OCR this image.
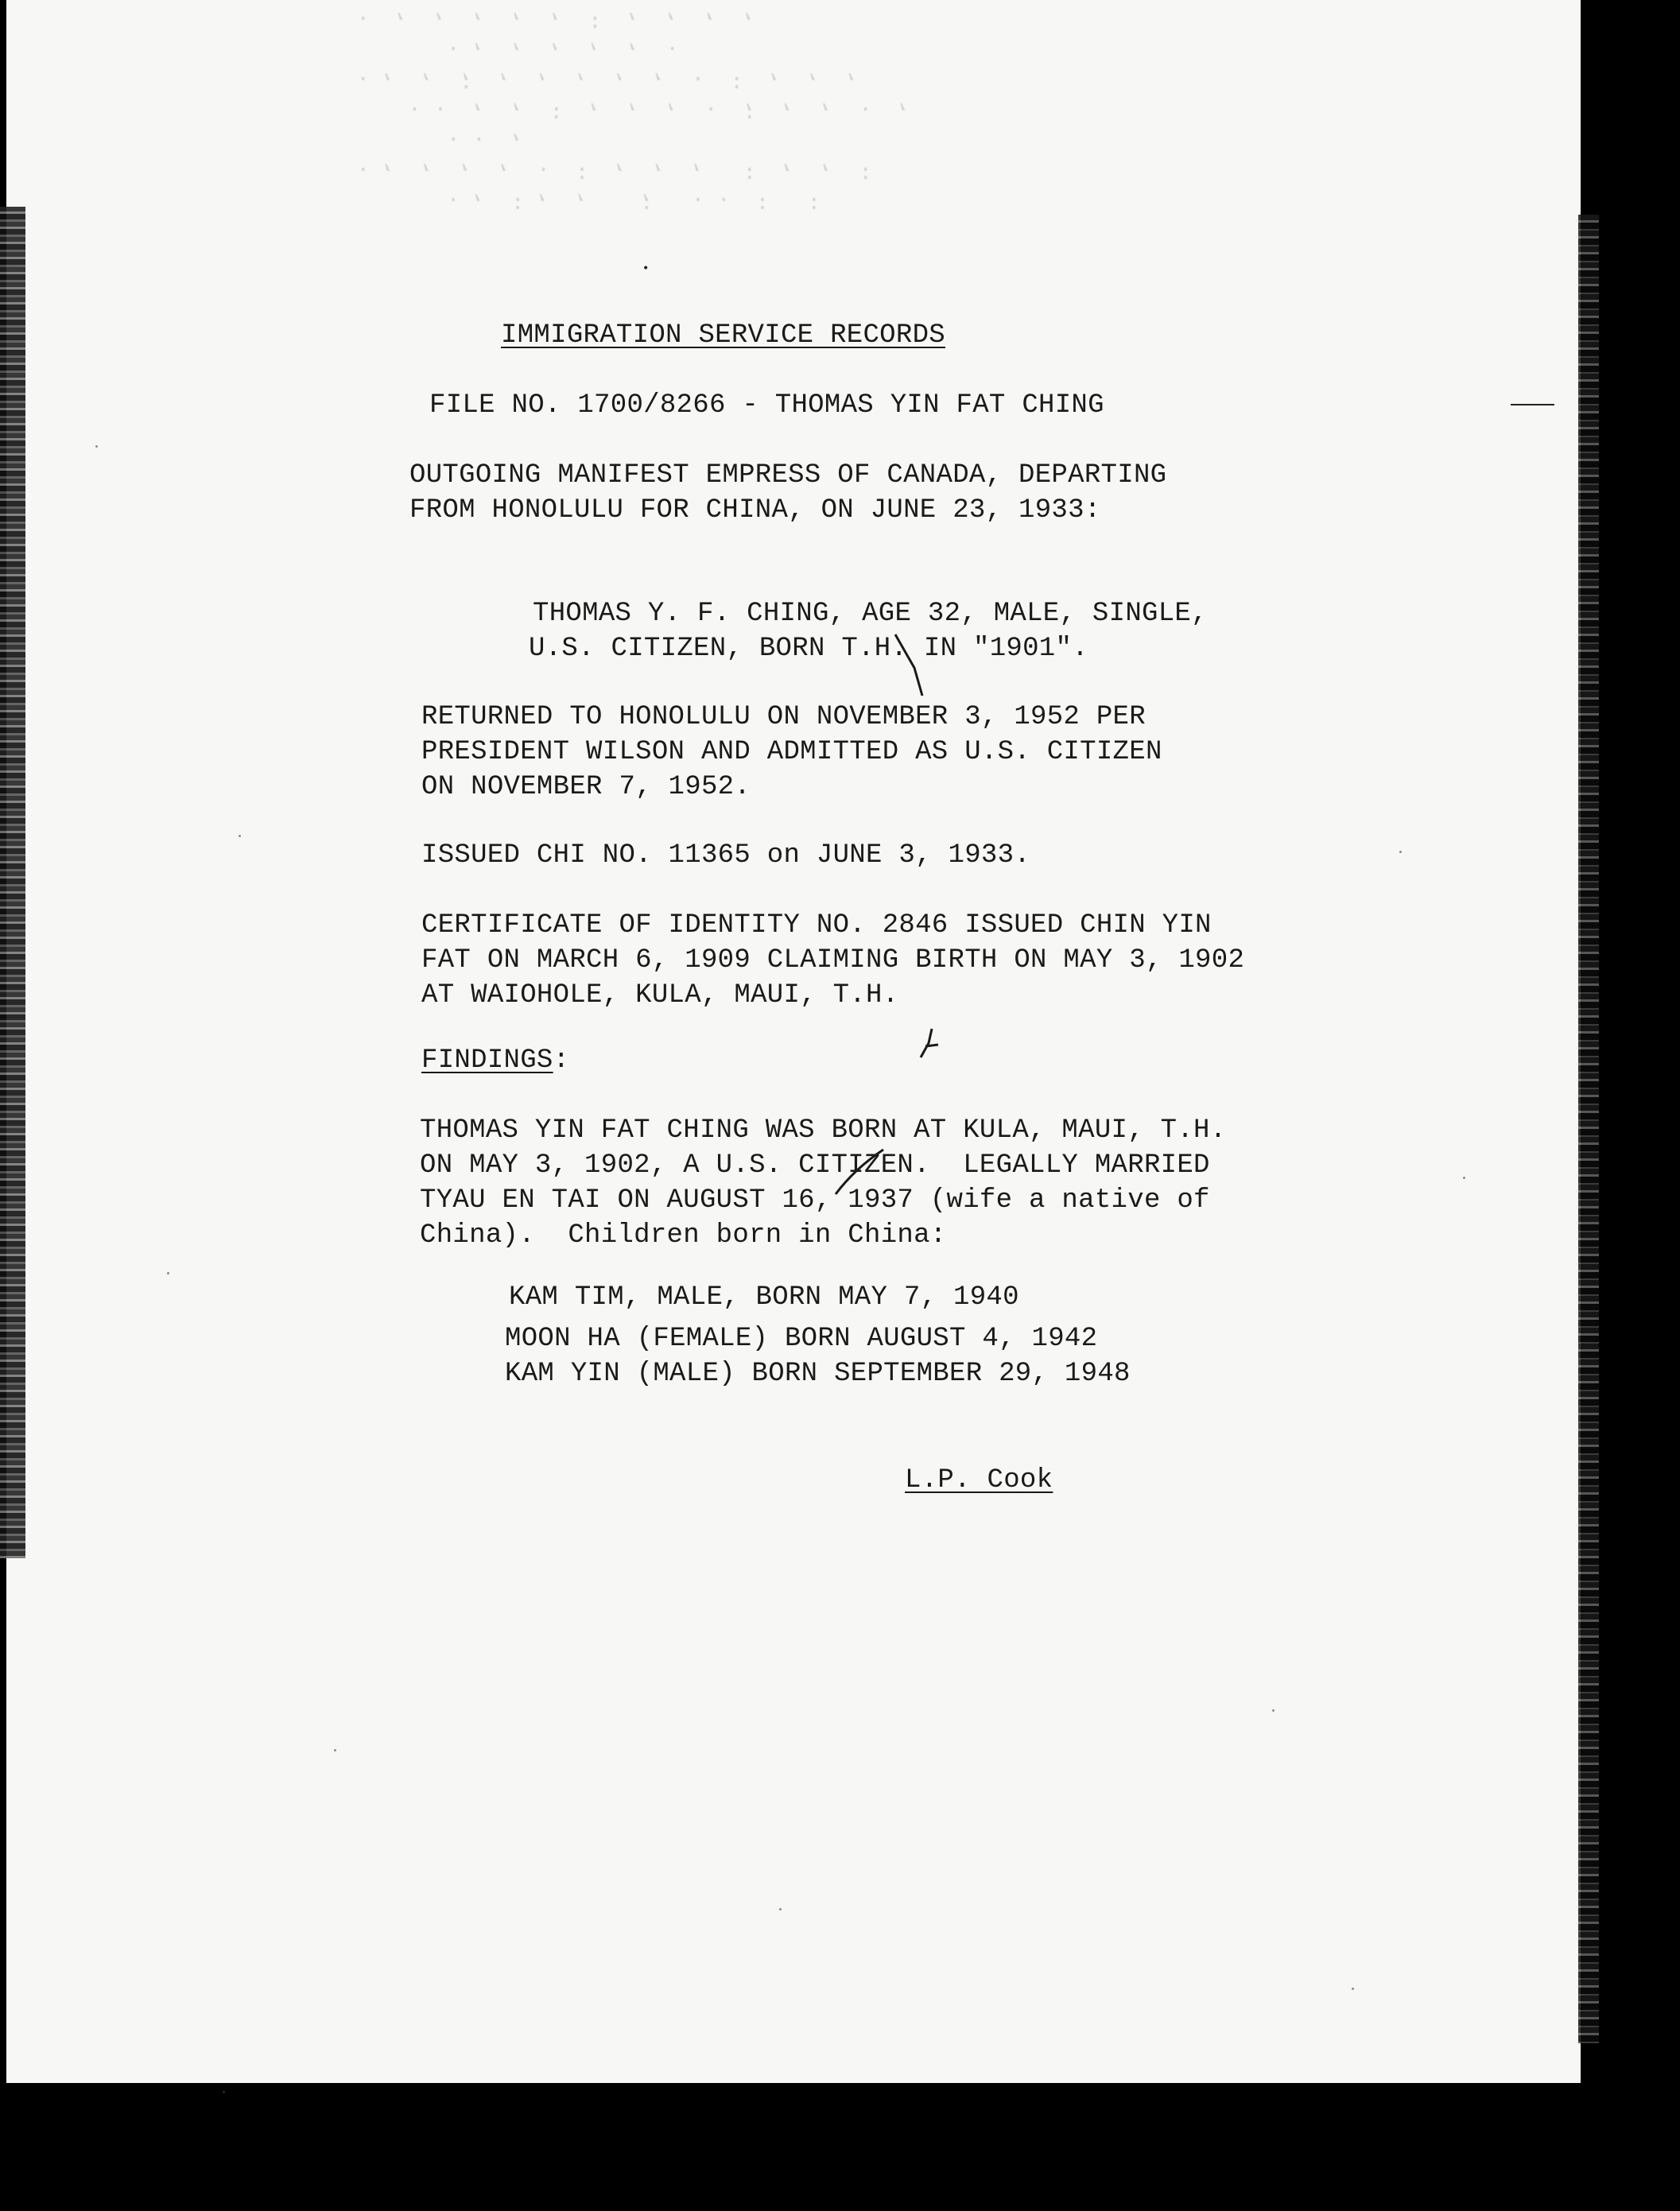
. ,  : ,  ,    ;   . .  :   :
. ,  ,  ,  ,  .  :  ,  ,  ,   :  ,  ,  :
. .  ,
. .  ,  ,  :  ,  ,  ,  .  ;  ,  ,  .  ,
. ,  ,  ;  ,  ,  ,  ,  ,  .  :  ,  ,  ,
. ,  ,  ,  ,  ,  .
.  ,  ,  ,  ,  ,  :  ,  ,  ,  ,
IMMIGRATION SERVICE RECORDS
FILE NO. 1700/8266 - THOMAS YIN FAT CHING
OUTGOING MANIFEST EMPRESS OF CANADA, DEPARTING
FROM HONOLULU FOR CHINA, ON JUNE 23, 1933:
THOMAS Y. F. CHING, AGE 32, MALE, SINGLE,
U.S. CITIZEN, BORN T.H. IN "1901".
RETURNED TO HONOLULU ON NOVEMBER 3, 1952 PER
PRESIDENT WILSON AND ADMITTED AS U.S. CITIZEN
ON NOVEMBER 7, 1952.
ISSUED CHI NO. 11365 on JUNE 3, 1933.
CERTIFICATE OF IDENTITY NO. 2846 ISSUED CHIN YIN
FAT ON MARCH 6, 1909 CLAIMING BIRTH ON MAY 3, 1902
AT WAIOHOLE, KULA, MAUI, T.H.
FINDINGS:
THOMAS YIN FAT CHING WAS BORN AT KULA, MAUI, T.H.
ON MAY 3, 1902, A U.S. CITIZEN.  LEGALLY MARRIED
TYAU EN TAI ON AUGUST 16, 1937 (wife a native of
China).  Children born in China:
KAM TIM, MALE, BORN MAY 7, 1940
MOON HA (FEMALE) BORN AUGUST 4, 1942
KAM YIN (MALE) BORN SEPTEMBER 29, 1948
L.P. Cook
•
